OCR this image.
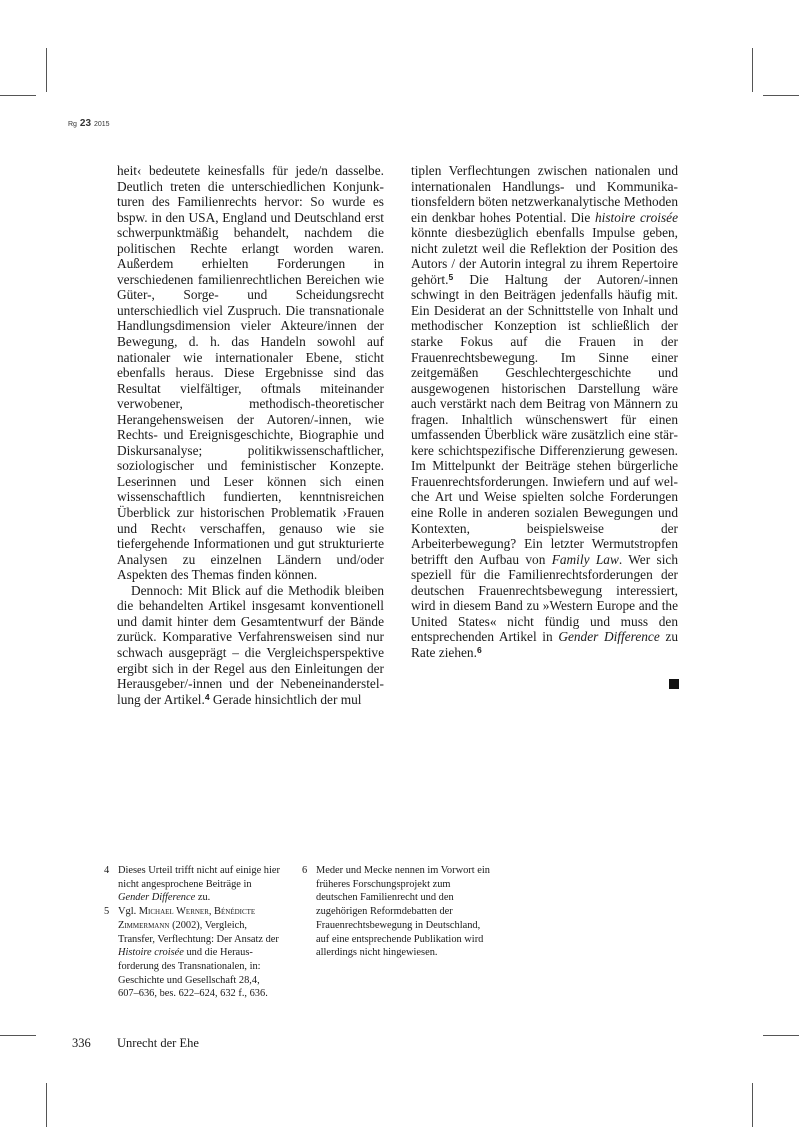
Rg 23 2015

heit‹ bedeutete keinesfalls für jede/n dasselbe. Deutlich treten die unterschiedlichen Konjunkturen des Familienrechts hervor: So wurde es bspw. in den USA, England und Deutschland erst schwerpunktmäßig behandelt, nachdem die politischen Rechte erlangt worden waren. Außerdem erhielten Forderungen in verschiedenen familienrechtlichen Bereichen wie Güter-, Sorge- und Scheidungsrecht unterschiedlich viel Zuspruch. Die transnationale Handlungsdimension vieler Akteure/innen der Bewegung, d. h. das Handeln sowohl auf nationaler wie internationaler Ebene, sticht ebenfalls heraus. Diese Ergebnisse sind das Resultat vielfältiger, oftmals miteinander verwobener, methodisch-theoretischer Herangehensweisen der Autoren/-innen, wie Rechts- und Ereignisgeschichte, Biographie und Diskursanalyse; politikwissenschaftlicher, soziologischer und feministischer Konzepte. Leserinnen und Leser können sich einen wissenschaftlich fundierten, kenntnisreichen Überblick zur historischen Problematik ›Frauen und Recht‹ verschaffen, genauso wie sie tiefergehende Informationen und gut strukturierte Analysen zu einzelnen Ländern und/oder Aspekten des Themas finden können.

Dennoch: Mit Blick auf die Methodik bleiben die behandelten Artikel insgesamt konventionell und damit hinter dem Gesamtentwurf der Bände zurück. Komparative Verfahrensweisen sind nur schwach ausgeprägt – die Vergleichsperspektive ergibt sich in der Regel aus den Einleitungen der Herausgeber/-innen und der Nebeneinanderstellung der Artikel.$^4$ Gerade hinsichtlich der mul

tiplen Verflechtungen zwischen nationalen und internationalen Handlungs- und Kommunikationsfeldern böten netzwerkanalytische Methoden ein denkbar hohes Potential. Die histoire croisée könnte diesbezüglich ebenfalls Impulse geben, nicht zuletzt weil die Reflektion der Position des Autors / der Autorin integral zu ihrem Repertoire gehört.$^5$ Die Haltung der Autoren/-innen schwingt in den Beiträgen jedenfalls häufig mit. Ein Desiderat an der Schnittstelle von Inhalt und methodischer Konzeption ist schließlich der starke Fokus auf die Frauen in der Frauenrechtsbewegung. Im Sinne einer zeitgemäßen Geschlechtergeschichte und ausgewogenen historischen Darstellung wäre auch verstärkt nach dem Beitrag von Männern zu fragen. Inhaltlich wünschenswert für einen umfassenden Überblick wäre zusätzlich eine stärkere schichtspezifische Differenzierung gewesen. Im Mittelpunkt der Beiträge stehen bürgerliche Frauenrechtsforderungen. Inwiefern und auf welche Art und Weise spielten solche Forderungen eine Rolle in anderen sozialen Bewegungen und Kontexten, beispielsweise der Arbeiterbewegung? Ein letzter Wermutstropfen betrifft den Aufbau von Family Law. Wer sich speziell für die Familienrechtsforderungen der deutschen Frauenrechtsbewegung interessiert, wird in diesem Band zu »Western Europe and the United States« nicht fündig und muss den entsprechenden Artikel in Gender Difference zu Rate ziehen.$^6$

4 Dieses Urteil trifft nicht auf einige hier nicht angesprochene Beiträge in Gender Difference zu.
5 Vgl. Michael Werner, Bénédicte Zimmermann (2002), Vergleich, Transfer, Verflechtung: Der Ansatz der Histoire croisée und die Herausforderung des Transnationalen, in: Geschichte und Gesellschaft 28,4, 607–636, bes. 622–624, 632 f., 636.
6 Meder und Mecke nennen im Vorwort ein früheres Forschungsprojekt zum deutschen Familienrecht und den zugehörigen Reformdebatten der Frauenrechtsbewegung in Deutschland, auf eine entsprechende Publikation wird allerdings nicht hingewiesen.
336 Unrecht der Ehe
